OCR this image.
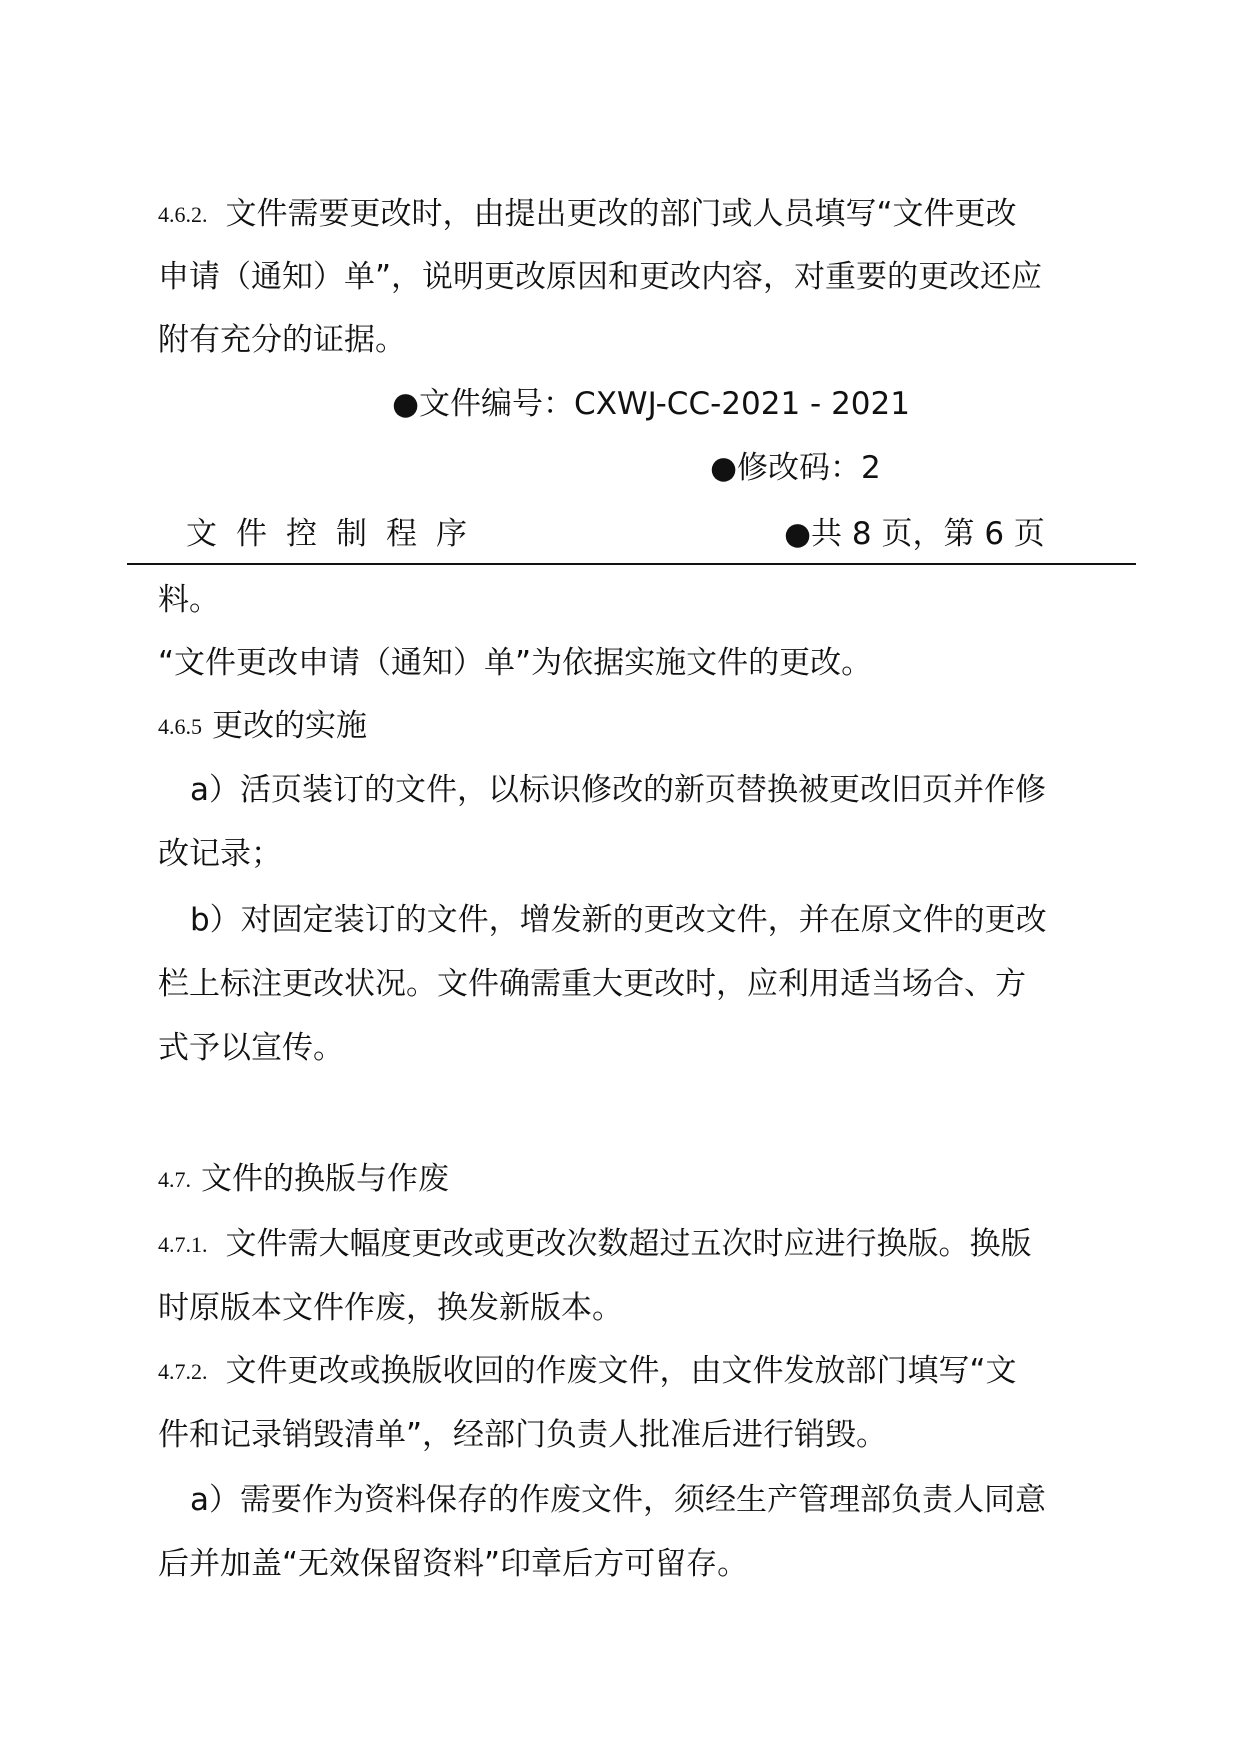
4.6.2. 文件需要更改时，由提出更改的部门或人员填写“文件更改

申请（通知）单”，说明更改原因和更改内容，对重要的更改还应

附有充分的证据。

●文件编号：CXWJ-CC-2021 - 2021

●修改码：2

文件控制程序	●共 8 页，第 6 页

料。

“文件更改申请（通知）单”为依据实施文件的更改。

4.6.5 更改的实施

a）活页装订的文件，以标识修改的新页替换被更改旧页并作修

改记录；

b）对固定装订的文件，增发新的更改文件，并在原文件的更改

栏上标注更改状况。文件确需重大更改时，应利用适当场合、方

式予以宣传。

4.7. 文件的换版与作废

4.7.1. 文件需大幅度更改或更改次数超过五次时应进行换版。换版

时原版本文件作废，换发新版本。

4.7.2. 文件更改或换版收回的作废文件，由文件发放部门填写“文

件和记录销毁清单”，经部门负责人批准后进行销毁。

a）需要作为资料保存的作废文件，须经生产管理部负责人同意

后并加盖“无效保留资料”印章后方可留存。
